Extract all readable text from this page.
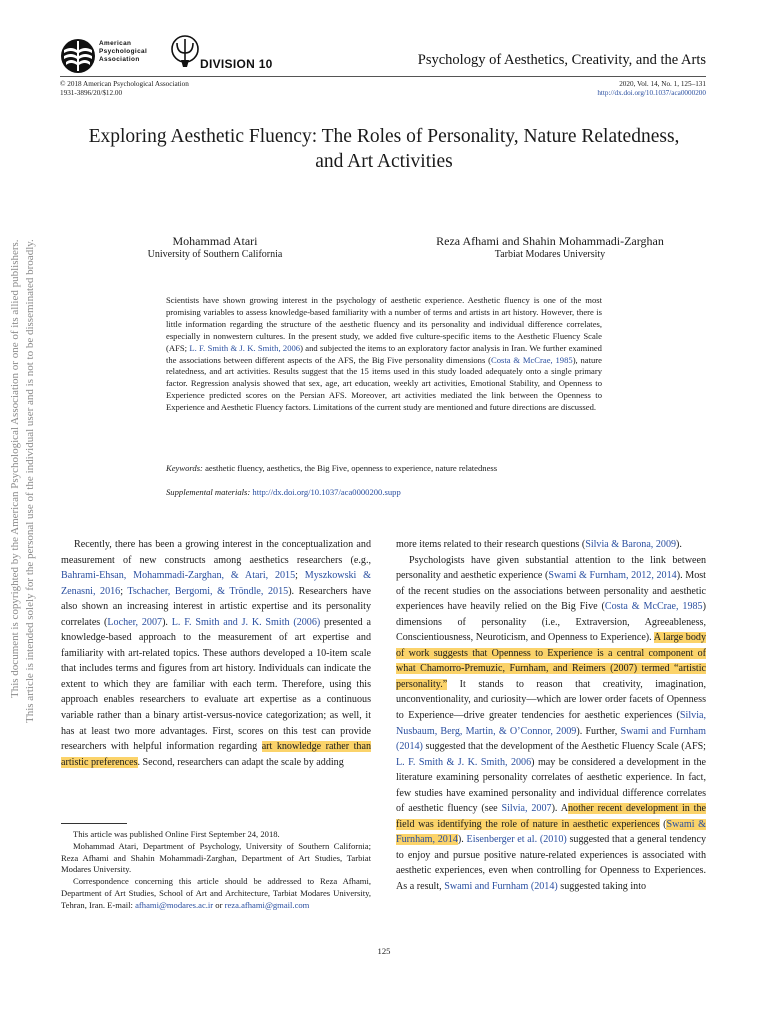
American
Psychological
Association	DIVISION 10	Psychology of Aesthetics, Creativity, and the Arts
© 2018 American Psychological Association
1931-3896/20/$12.00
2020, Vol. 14, No. 1, 125–131
http://dx.doi.org/10.1037/aca0000200
Exploring Aesthetic Fluency: The Roles of Personality, Nature Relatedness,
and Art Activities
Mohammad Atari
University of Southern California
Reza Afhami and Shahin Mohammadi-Zarghan
Tarbiat Modares University
Scientists have shown growing interest in the psychology of aesthetic experience. Aesthetic fluency is one of the most promising variables to assess knowledge-based familiarity with a number of terms and artists in art history. However, there is little information regarding the structure of the aesthetic fluency and its personality and individual difference correlates, especially in nonwestern cultures. In the present study, we added five culture-specific items to the Aesthetic Fluency Scale (AFS; L. F. Smith & J. K. Smith, 2006) and subjected the items to an exploratory factor analysis in Iran. We further examined the associations between different aspects of the AFS, the Big Five personality dimensions (Costa & McCrae, 1985), nature relatedness, and art activities. Results suggest that the 15 items used in this study loaded adequately onto a single primary factor. Regression analysis showed that sex, age, art education, weekly art activities, Emotional Stability, and Openness to Experience predicted scores on the Persian AFS. Moreover, art activities mediated the link between the Openness to Experience and Aesthetic Fluency factors. Limitations of the current study are mentioned and future directions are discussed.
Keywords: aesthetic fluency, aesthetics, the Big Five, openness to experience, nature relatedness
Supplemental materials: http://dx.doi.org/10.1037/aca0000200.supp
This document is copyrighted by the American Psychological Association or one of its allied publishers. This article is intended solely for the personal use of the individual user and is not to be disseminated broadly.	Recently, there has been a growing interest in the conceptualization and measurement of new constructs among aesthetics researchers (e.g., Bahrami-Ehsan, Mohammadi-Zarghan, & Atari, 2015; Myszkowski & Zenasni, 2016; Tschacher, Bergomi, & Tröndle, 2015). Researchers have also shown an increasing interest in artistic expertise and its personality correlates (Locher, 2007). L. F. Smith and J. K. Smith (2006) presented a knowledge-based approach to the measurement of art expertise and familiarity with art-related topics. These authors developed a 10-item scale that includes terms and figures from art history. Individuals can indicate the extent to which they are familiar with each term. Therefore, using this approach enables researchers to evaluate art expertise as a continuous variable rather than a binary artist-versus-novice categorization; as well, it has at least two more advantages. First, scores on this test can provide researchers with helpful information regarding art knowledge rather than artistic preferences. Second, researchers can adapt the scale by adding

This article was published Online First September 24, 2018.

Mohammad Atari, Department of Psychology, University of Southern California; Reza Afhami and Shahin Mohammadi-Zarghan, Department of Art Studies, Tarbiat Modares University.

Correspondence concerning this article should be addressed to Reza Afhami, Department of Art Studies, School of Art and Architecture, Tarbiat Modares University, Tehran, Iran. E-mail: afhami@modares.ac.ir or reza.afhami@gmail.com

more items related to their research questions (Silvia & Barona, 2009).

Psychologists have given substantial attention to the link between personality and aesthetic experience (Swami & Furnham, 2012, 2014). Most of the recent studies on the associations between personality and aesthetic experiences have heavily relied on the Big Five (Costa & McCrae, 1985) dimensions of personality (i.e., Extraversion, Agreeableness, Conscientiousness, Neuroticism, and Openness to Experience). A large body of work suggests that Openness to Experience is a central component of what Chamorro-Premuzic, Furnham, and Reimers (2007) termed “artistic personality.” It stands to reason that creativity, imagination, unconventionality, and curiosity—which are lower order facets of Openness to Experience—drive greater tendencies for aesthetic experiences (Silvia, Nusbaum, Berg, Martin, & O’Connor, 2009). Further, Swami and Furnham (2014) suggested that the development of the Aesthetic Fluency Scale (AFS; L. F. Smith & J. K. Smith, 2006) may be considered a development in the literature examining personality correlates of aesthetic experience. In fact, few studies have examined personality and individual difference correlates of aesthetic fluency (see Silvia, 2007). Another recent development in the field was identifying the role of nature in aesthetic experiences (Swami & Furnham, 2014). Eisenberger et al. (2010) suggested that a general tendency to enjoy and pursue positive nature-related experiences is associated with aesthetic experiences, even when controlling for Openness to Experiences. As a result, Swami and Furnham (2014) suggested taking into

125
